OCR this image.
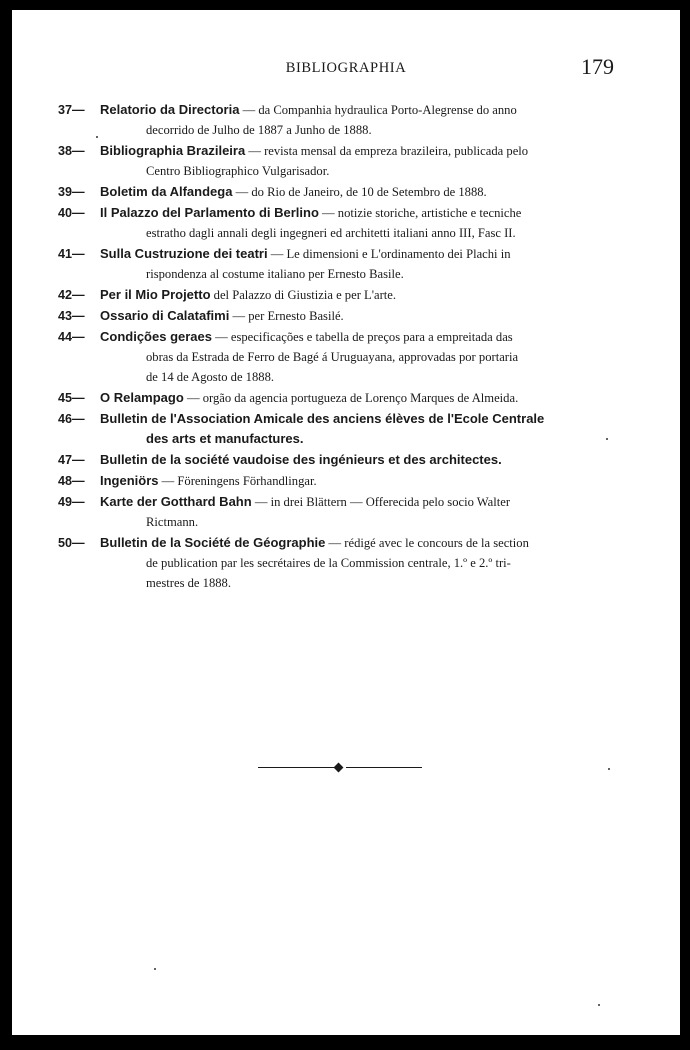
BIBLIOGRAPHIA	179
37— Relatorio da Directoria — da Companhia hydraulica Porto-Alegrense do anno
decorrido de Julho de 1887 a Junho de 1888.
38— Bibliographia Brazileira — revista mensal da empreza brazileira, publicada pelo
Centro Bibliographico Vulgarisador.
39— Boletim da Alfandega — do Rio de Janeiro, de 10 de Setembro de 1888.
40— Il Palazzo del Parlamento di Berlino — notizie storiche, artistiche e tecniche
estratho dagli annali degli ingegneri ed architetti italiani anno III, Fasc II.
41— Sulla Custruzione dei teatri — Le dimensioni e L'ordinamento dei Plachi in
rispondenza al costume italiano per Ernesto Basile.
42— Per il Mio Projetto del Palazzo di Giustizia e per L'arte.
43— Ossario di Calatafimi — per Ernesto Basilé.
44— Condições geraes — especificações e tabella de preços para a empreitada das
obras da Estrada de Ferro de Bagé á Uruguayana, approvadas por portaria
de 14 de Agosto de 1888.
45— O Relampago — orgão da agencia portugueza de Lorenço Marques de Almeida.
46— Bulletin de l'Association Amicale des anciens élèves de l'Ecole Centrale
des arts et manufactures.
47— Bulletin de la société vaudoise des ingénieurs et des architectes.
48— Ingeniörs — Föreningens Förhandlingar.
49— Karte der Gotthard Bahn — in drei Blättern — Offerecida pelo socio Walter
Rictmann.
50— Bulletin de la Société de Géographie — rédigé avec le concours de la section
de publication par les secrétaires de la Commission centrale, 1.º e 2.º tri-
mestres de 1888.
